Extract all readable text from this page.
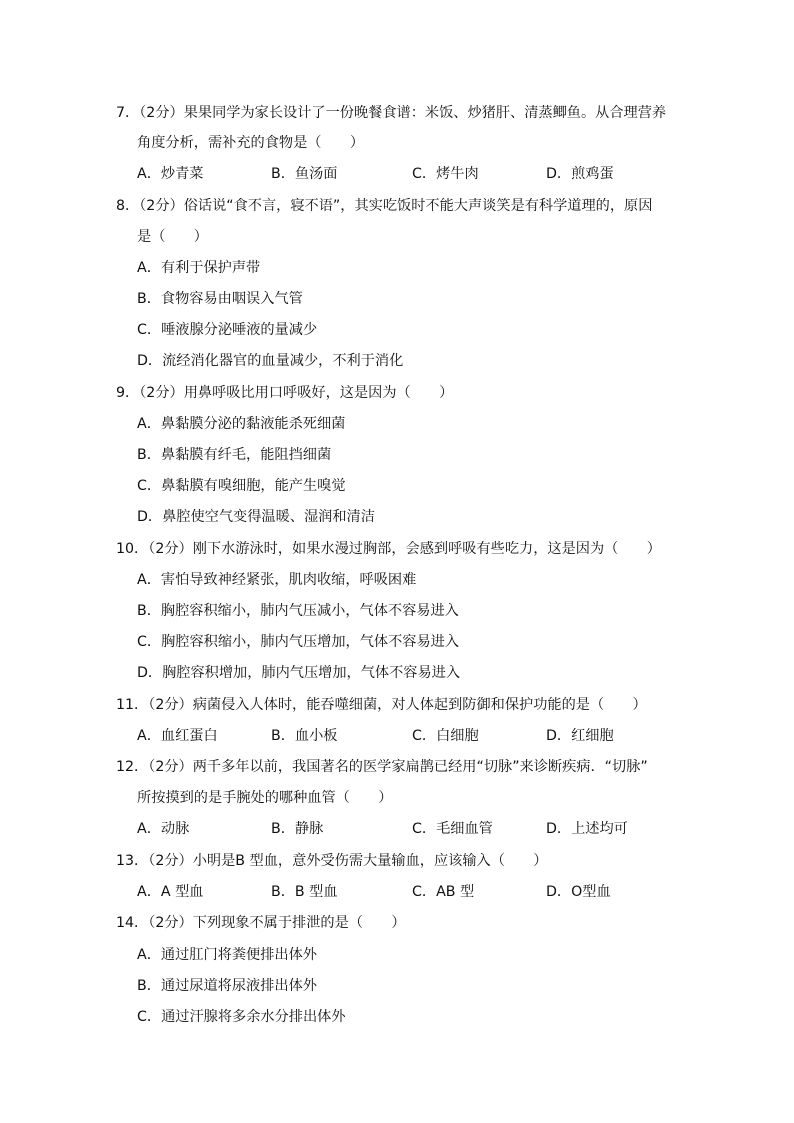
7．（2分）果果同学为家长设计了一份晚餐食谱：米饭、炒猪肝、清蒸鲫鱼。从合理营养
角度分析，需补充的食物是（　　）
A．炒青菜	B．鱼汤面	C．烤牛肉	D．煎鸡蛋
8．（2分）俗话说“食不言，寝不语”，其实吃饭时不能大声谈笑是有科学道理的，原因
是（　　）
A．有利于保护声带
B．食物容易由咽误入气管
C．唾液腺分泌唾液的量减少
D．流经消化器官的血量减少，不利于消化
9．（2分）用鼻呼吸比用口呼吸好，这是因为（　　）
A．鼻黏膜分泌的黏液能杀死细菌
B．鼻黏膜有纤毛，能阻挡细菌
C．鼻黏膜有嗅细胞，能产生嗅觉
D．鼻腔使空气变得温暖、湿润和清洁
10．（2分）刚下水游泳时，如果水漫过胸部，会感到呼吸有些吃力，这是因为（　　）
A．害怕导致神经紧张，肌肉收缩，呼吸困难
B．胸腔容积缩小，肺内气压减小，气体不容易进入
C．胸腔容积缩小，肺内气压增加，气体不容易进入
D．胸腔容积增加，肺内气压增加，气体不容易进入
11．（2分）病菌侵入人体时，能吞噬细菌，对人体起到防御和保护功能的是（　　）
A．血红蛋白	B．血小板	C．白细胞	D．红细胞
12．（2分）两千多年以前，我国著名的医学家扁鹊已经用“切脉”来诊断疾病．“切脉”
所按摸到的是手腕处的哪种血管（　　）
A．动脉	B．静脉	C．毛细血管	D．上述均可
13．（2分）小明是B 型血，意外受伤需大量输血，应该输入（　　）
A．A 型血	B．B 型血	C．AB 型	D．O型血
14．（2分）下列现象不属于排泄的是（　　）
A．通过肛门将粪便排出体外
B．通过尿道将尿液排出体外
C．通过汗腺将多余水分排出体外
